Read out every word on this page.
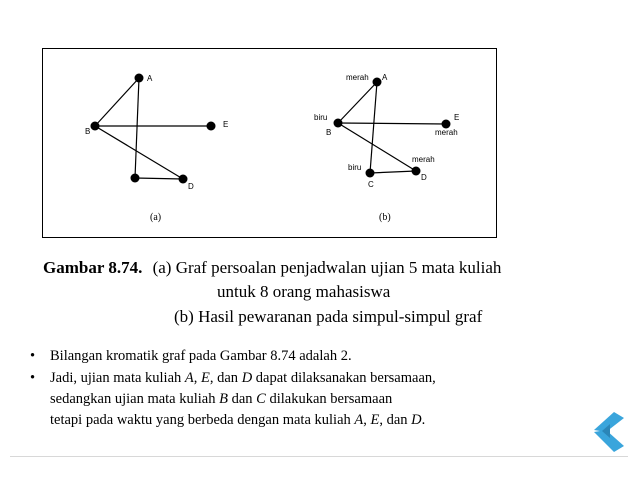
A
B
D
E
(a)
merah A
biru
B
E
merah
merah
D
biru
C
(b)
Gambar 8.74. (a) Graf persoalan penjadwalan ujian 5 mata kuliah
untuk 8 orang mahasiswa
(b) Hasil pewaranan pada simpul-simpul graf
• Bilangan kromatik graf pada Gambar 8.74 adalah 2.
• Jadi, ujian mata kuliah A, E, dan D dapat dilaksanakan bersamaan,
sedangkan ujian mata kuliah B dan C dilakukan bersamaan
tetapi pada waktu yang berbeda dengan mata kuliah A, E, dan D.
